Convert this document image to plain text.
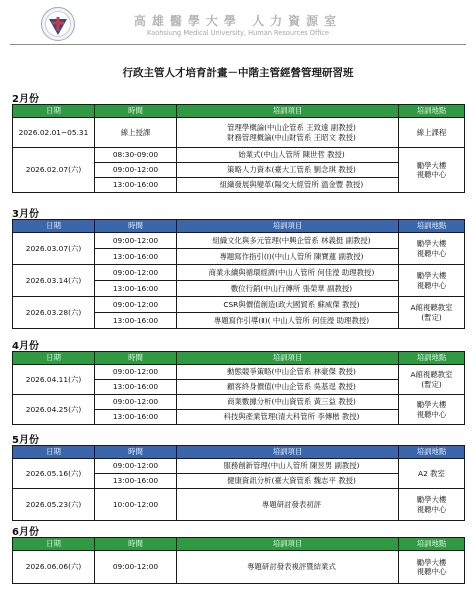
高雄醫學大學 人力資源室
Kaohsiung Medical University, Human Resources Office
行政主管人才培育計畫－中階主管經營管理研習班
2月份
日期	時間	培訓項目	培訓地點
2026.02.01~05.31	線上授課	管理學概論(中山企管系 王致遠 副教授)
財務管理概論(中山財管系 王昭文 教授)	線上課程
2026.02.07(六)	08:30-09:00	始業式(中山人管所 陳世哲 教授)	勵學大樓
視聽中心

	09:00-12:00	策略人力資本(臺大工管系 劉念琪 教授)	
	13:00-16:00	組織發展與變革(陽交大經管所 溫金豐 教授)	
3月份
日期	時間	培訓項目	培訓地點
2026.03.07(六)	09:00-12:00	組織文化與多元管理(中興企管系 林義挺 副教授)	勵學大樓
視聽中心

	13:00-16:00	專題寫作指引(Ⅰ)(中山人管所 陳寶蓮 副教授)	
2026.03.14(六)	09:00-12:00	商業永續與循環經濟(中山人管所 何佳瀅 助理教授)	勵學大樓
視聽中心

	13:00-16:00	數位行銷(中山行傳所 張榮華 副教授)	
2026.03.28(六)	09:00-12:00	CSR與價值創造(政大國貿系 蘇威傑 教授)	A館視聽教室
(暫定)

	13:00-16:00	專題寫作引導(Ⅱ)( 中山人管所 何佳瀅 助理教授)	
4月份
日期	時間	培訓項目	培訓地點
2026.04.11(六)	09:00-12:00	動態競爭策略(中山企管系 林豪傑 教授)	A館視聽教室
(暫定)

	13:00-16:00	顧客終身價值(中山企管系 吳基逞 教授)	
2026.04.25(六)	09:00-12:00	商業數據分析(中山資管系 黃三益 教授)	勵學大樓
視聽中心

	13:00-16:00	科技與產業管理(清大科管所 李傳楷 教授)	
5月份
日期	時間	培訓項目	培訓地點
2026.05.16(六)	09:00-12:00	服務創新管理(中山人管所 陳昱男 副教授)	A2 教室
	13:00-16:00	健康資訊分析(臺大資管系 魏志平 教授)	
2026.05.23(六)	10:00-12:00	專題研討發表初評	勵學大樓
視聽中心
6月份
日期	時間	培訓項目	培訓地點
2026.06.06(六)	09:00-12:00	專題研討發表複評暨結業式	勵學大樓
視聽中心
